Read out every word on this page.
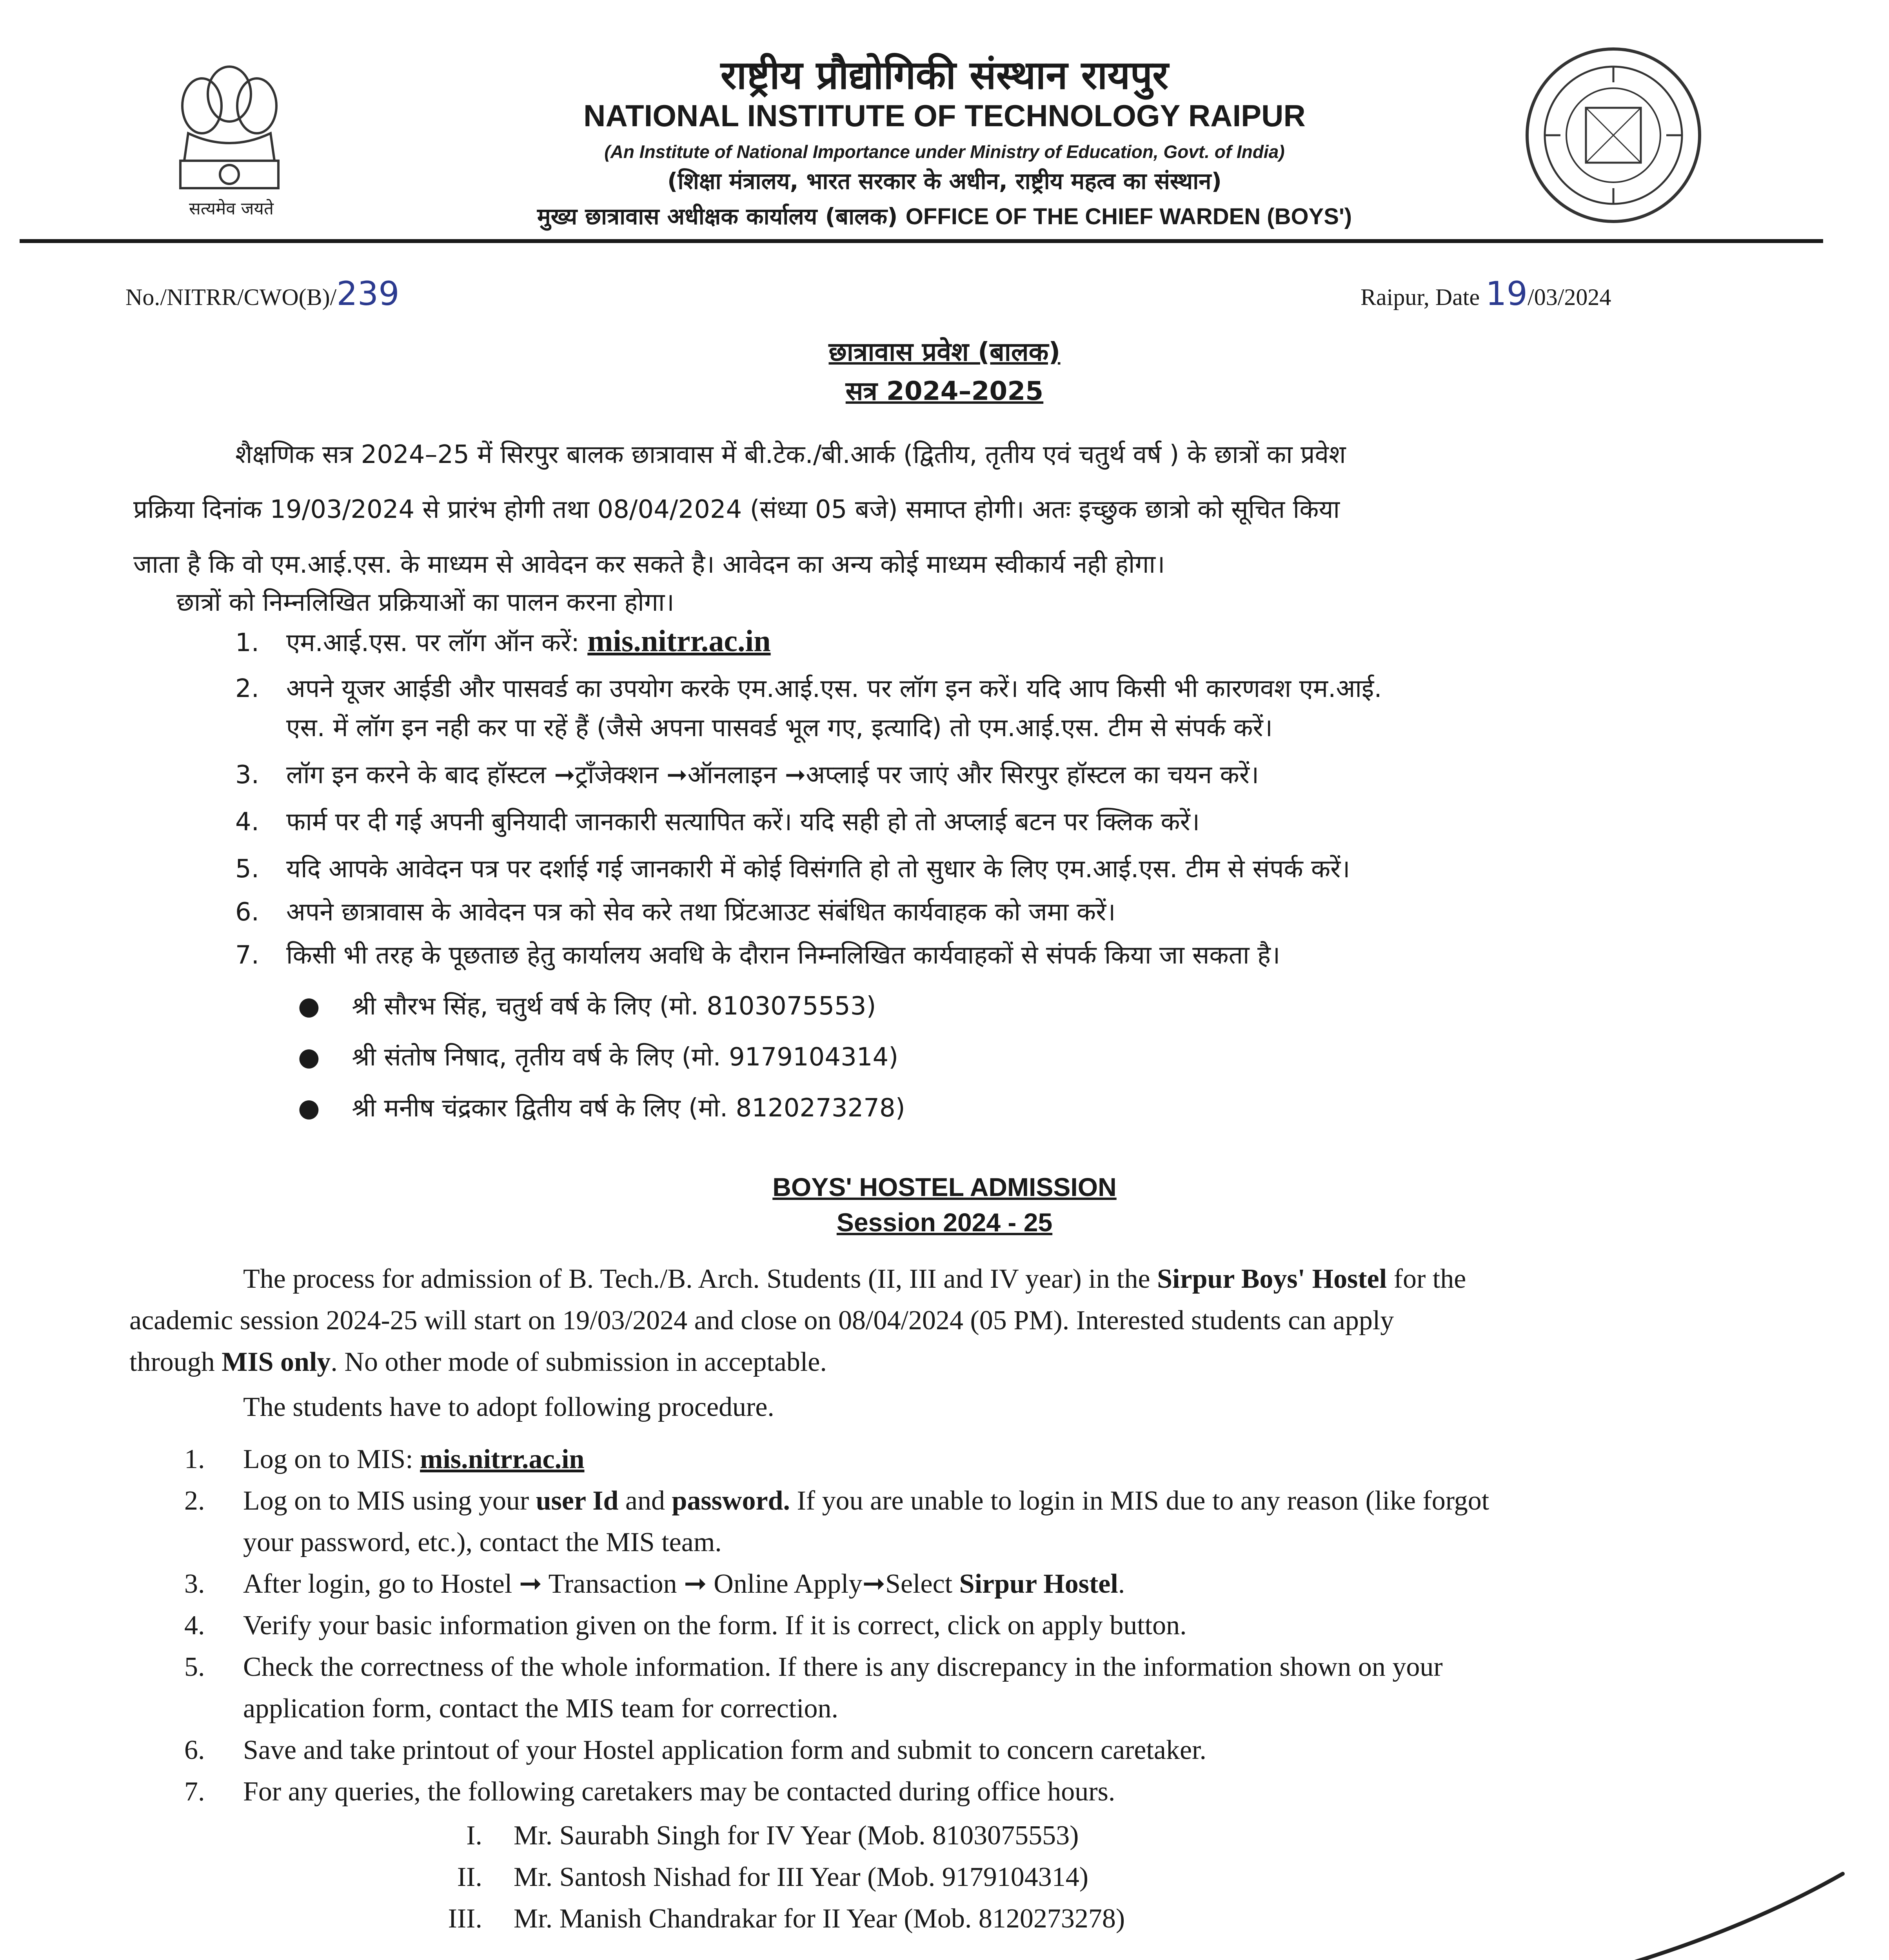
सत्यमेव जयते
राष्ट्रीय प्रौद्योगिकी संस्थान रायपुर
NATIONAL INSTITUTE OF TECHNOLOGY RAIPUR
(An Institute of National Importance under Ministry of Education, Govt. of India)
(शिक्षा मंत्रालय, भारत सरकार के अधीन, राष्ट्रीय महत्व का संस्थान)
मुख्य छात्रावास अधीक्षक कार्यालय (बालक) OFFICE OF THE CHIEF WARDEN (BOYS')
No./NITRR/CWO(B)/239	Raipur, Date 19/03/2024
छात्रावास प्रवेश (बालक)
सत्र 2024–2025
शैक्षणिक सत्र 2024–25 में सिरपुर बालक छात्रावास में बी.टेक./बी.आर्क (द्वितीय, तृतीय एवं चतुर्थ वर्ष ) के छात्रों का प्रवेश
प्रक्रिया दिनांक 19/03/2024 से प्रारंभ होगी तथा 08/04/2024 (संध्या 05 बजे) समाप्त होगी। अतः इच्छुक छात्रो को सूचित किया
जाता है कि वो एम.आई.एस. के माध्यम से आवेदन कर सकते है। आवेदन का अन्य कोई माध्यम स्वीकार्य नही होगा।
छात्रों को निम्नलिखित प्रक्रियाओं का पालन करना होगा।
1. एम.आई.एस. पर लॉग ऑन करें: mis.nitrr.ac.in
2. अपने यूजर आईडी और पासवर्ड का उपयोग करके एम.आई.एस. पर लॉग इन करें। यदि आप किसी भी कारणवश एम.आई.
एस. में लॉग इन नही कर पा रहें हैं (जैसे अपना पासवर्ड भूल गए, इत्यादि) तो एम.आई.एस. टीम से संपर्क करें।
3. लॉग इन करने के बाद हॉस्टल ➞ट्रॉंजेक्शन ➞ऑनलाइन ➞अप्लाई पर जाएं और सिरपुर हॉस्टल का चयन करें।
4. फार्म पर दी गई अपनी बुनियादी जानकारी सत्यापित करें। यदि सही हो तो अप्लाई बटन पर क्लिक करें।
5. यदि आपके आवेदन पत्र पर दर्शाई गई जानकारी में कोई विसंगति हो तो सुधार के लिए एम.आई.एस. टीम से संपर्क करें।
6. अपने छात्रावास के आवेदन पत्र को सेव करे तथा प्रिंटआउट संबंधित कार्यवाहक को जमा करें।
7. किसी भी तरह के पूछताछ हेतु कार्यालय अवधि के दौरान निम्नलिखित कार्यवाहकों से संपर्क किया जा सकता है।
●    श्री सौरभ सिंह, चतुर्थ वर्ष के लिए (मो. 8103075553)
●    श्री संतोष निषाद, तृतीय वर्ष के लिए (मो. 9179104314)
●    श्री मनीष चंद्रकार द्वितीय वर्ष के लिए (मो. 8120273278)
BOYS' HOSTEL ADMISSION
Session 2024 - 25
The process for admission of B. Tech./B. Arch. Students (II, III and IV year) in the Sirpur Boys' Hostel for the
academic session 2024-25 will start on 19/03/2024 and close on 08/04/2024 (05 PM). Interested students can apply
through MIS only. No other mode of submission in acceptable.
The students have to adopt following procedure.
1. Log on to MIS: mis.nitrr.ac.in
2. Log on to MIS using your user Id and password. If you are unable to login in MIS due to any reason (like forgot
your password, etc.), contact the MIS team.
3. After login, go to Hostel ➞ Transaction ➞ Online Apply➞Select Sirpur Hostel.
4. Verify your basic information given on the form. If it is correct, click on apply button.
5. Check the correctness of the whole information. If there is any discrepancy in the information shown on your
application form, contact the MIS team for correction.
6. Save and take printout of your Hostel application form and submit to concern caretaker.
7. For any queries, the following caretakers may be contacted during office hours.
I. Mr. Saurabh Singh for IV Year (Mob. 8103075553)
II. Mr. Santosh Nishad for III Year (Mob. 9179104314)
III. Mr. Manish Chandrakar for II Year (Mob. 8120273278)
